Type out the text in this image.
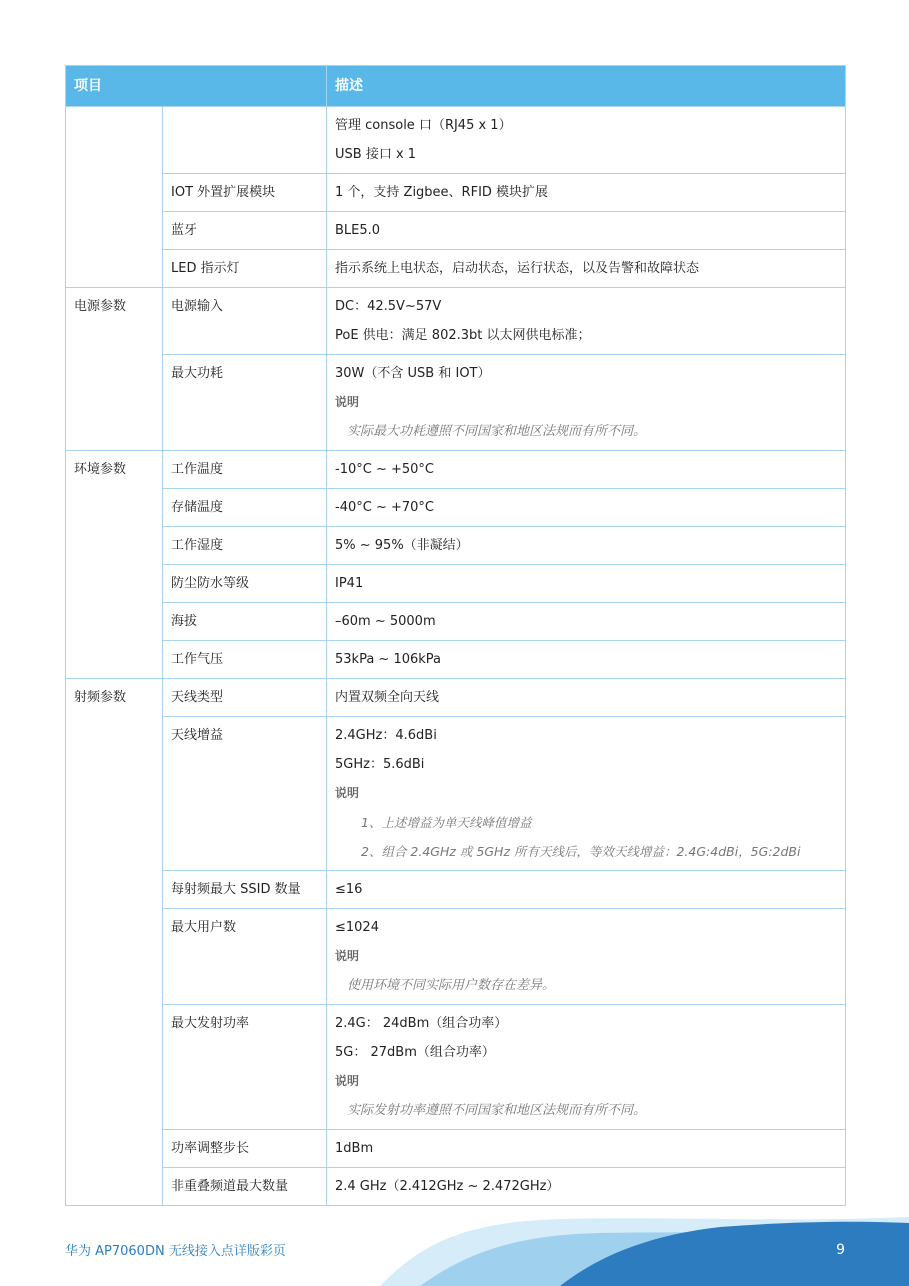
项目		描述

		管理 console 口（RJ45 x 1）
USB 接口 x 1

	IOT 外置扩展模块	1 个，支持 Zigbee、RFID 模块扩展

	蓝牙	BLE5.0

	LED 指示灯	指示系统上电状态，启动状态，运行状态，以及告警和故障状态

电源参数	电源输入	DC：42.5V~57V
PoE 供电：满足 802.3bt 以太网供电标准；

	最大功耗	30W（不含 USB 和 IOT）
说明
实际最大功耗遵照不同国家和地区法规而有所不同。

环境参数	工作温度	-10°C ~ +50°C

	存储温度	-40°C ~ +70°C

	工作湿度	5% ~ 95%（非凝结）

	防尘防水等级	IP41

	海拔	–60m ~ 5000m

	工作气压	53kPa ~ 106kPa

射频参数	天线类型	内置双频全向天线

	天线增益	2.4GHz：4.6dBi
5GHz：5.6dBi
说明
1、上述增益为单天线峰值增益
2、组合 2.4GHz 或 5GHz 所有天线后，等效天线增益：2.4G:4dBi，5G:2dBi

	每射频最大 SSID 数量	≤16

	最大用户数	≤1024
说明
使用环境不同实际用户数存在差异。

	最大发射功率	2.4G： 24dBm（组合功率）
5G： 27dBm（组合功率）
说明
实际发射功率遵照不同国家和地区法规而有所不同。

	功率调整步长	1dBm

	非重叠频道最大数量	2.4 GHz（2.412GHz ~ 2.472GHz）
华为 AP7060DN 无线接入点详版彩页	9
